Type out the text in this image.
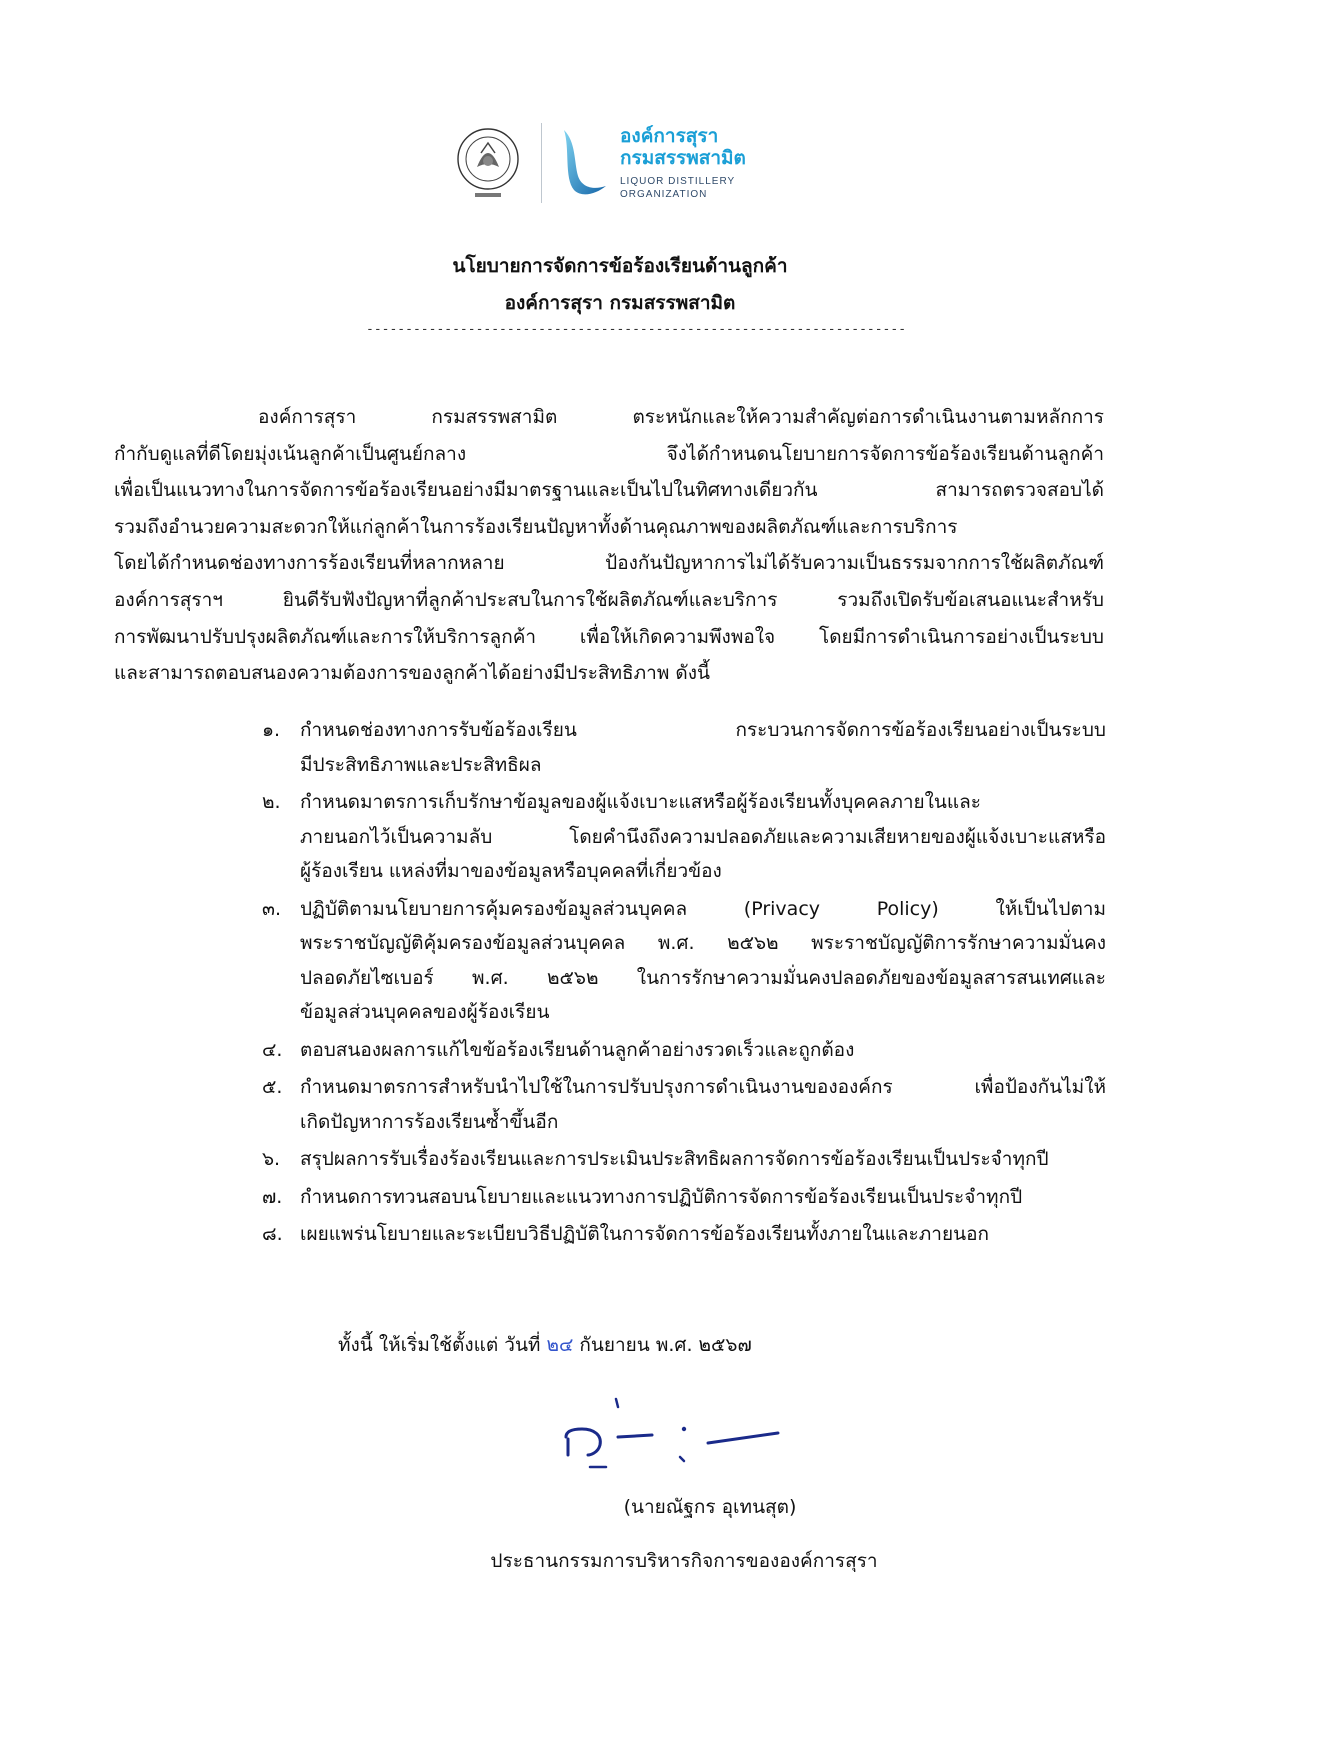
องค์การสุรา
กรมสรรพสามิต
LIQUOR DISTILLERY
ORGANIZATION
นโยบายการจัดการข้อร้องเรียนด้านลูกค้า
องค์การสุรา กรมสรรพสามิต
---------------------------------------------------------------------
องค์การสุรา กรมสรรพสามิต ตระหนักและให้ความสำคัญต่อการดำเนินงานตามหลักการ
กำกับดูแลที่ดีโดยมุ่งเน้นลูกค้าเป็นศูนย์กลาง จึงได้กำหนดนโยบายการจัดการข้อร้องเรียนด้านลูกค้า
เพื่อเป็นแนวทางในการจัดการข้อร้องเรียนอย่างมีมาตรฐานและเป็นไปในทิศทางเดียวกัน สามารถตรวจสอบได้
รวมถึงอำนวยความสะดวกให้แก่ลูกค้าในการร้องเรียนปัญหาทั้งด้านคุณภาพของผลิตภัณฑ์และการบริการ
โดยได้กำหนดช่องทางการร้องเรียนที่หลากหลาย ป้องกันปัญหาการไม่ได้รับความเป็นธรรมจากการใช้ผลิตภัณฑ์
องค์การสุราฯ ยินดีรับฟังปัญหาที่ลูกค้าประสบในการใช้ผลิตภัณฑ์และบริการ รวมถึงเปิดรับข้อเสนอแนะสำหรับ
การพัฒนาปรับปรุงผลิตภัณฑ์และการให้บริการลูกค้า เพื่อให้เกิดความพึงพอใจ โดยมีการดำเนินการอย่างเป็นระบบ
และสามารถตอบสนองความต้องการของลูกค้าได้อย่างมีประสิทธิภาพ ดังนี้
๑. กำหนดช่องทางการรับข้อร้องเรียน กระบวนการจัดการข้อร้องเรียนอย่างเป็นระบบ
มีประสิทธิภาพและประสิทธิผล
๒. กำหนดมาตรการเก็บรักษาข้อมูลของผู้แจ้งเบาะแสหรือผู้ร้องเรียนทั้งบุคคลภายในและ
ภายนอกไว้เป็นความลับ โดยคำนึงถึงความปลอดภัยและความเสียหายของผู้แจ้งเบาะแสหรือ
ผู้ร้องเรียน แหล่งที่มาของข้อมูลหรือบุคคลที่เกี่ยวข้อง
๓. ปฏิบัติตามนโยบายการคุ้มครองข้อมูลส่วนบุคคล (Privacy Policy) ให้เป็นไปตาม
พระราชบัญญัติคุ้มครองข้อมูลส่วนบุคคล พ.ศ. ๒๕๖๒ พระราชบัญญัติการรักษาความมั่นคง
ปลอดภัยไซเบอร์ พ.ศ. ๒๕๖๒ ในการรักษาความมั่นคงปลอดภัยของข้อมูลสารสนเทศและ
ข้อมูลส่วนบุคคลของผู้ร้องเรียน
๔. ตอบสนองผลการแก้ไขข้อร้องเรียนด้านลูกค้าอย่างรวดเร็วและถูกต้อง
๕. กำหนดมาตรการสำหรับนำไปใช้ในการปรับปรุงการดำเนินงานขององค์กร เพื่อป้องกันไม่ให้
เกิดปัญหาการร้องเรียนซ้ำขึ้นอีก
๖. สรุปผลการรับเรื่องร้องเรียนและการประเมินประสิทธิผลการจัดการข้อร้องเรียนเป็นประจำทุกปี
๗. กำหนดการทวนสอบนโยบายและแนวทางการปฏิบัติการจัดการข้อร้องเรียนเป็นประจำทุกปี
๘. เผยแพร่นโยบายและระเบียบวิธีปฏิบัติในการจัดการข้อร้องเรียนทั้งภายในและภายนอก
ทั้งนี้ ให้เริ่มใช้ตั้งแต่ วันที่ ๒๔ กันยายน พ.ศ. ๒๕๖๗
(นายณัฐกร อุเทนสุต)
ประธานกรรมการบริหารกิจการขององค์การสุรา
